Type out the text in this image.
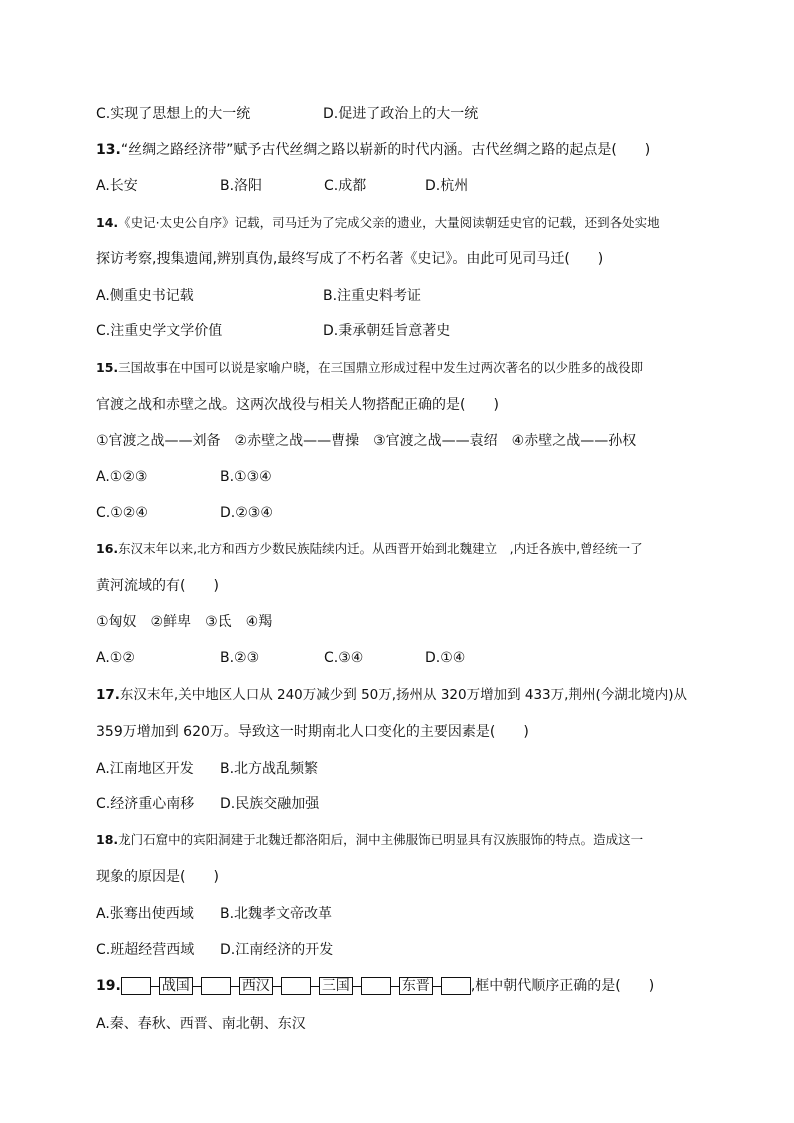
C.实现了思想上的大一统	D.促进了政治上的大一统
13.“丝绸之路经济带”赋予古代丝绸之路以崭新的时代内涵。古代丝绸之路的起点是(　　)
A.长安	B.洛阳	C.成都	D.杭州
14.《史记·太史公自序》记载，司马迁为了完成父亲的遗业，大量阅读朝廷史官的记载，还到各处实地
探访考察,搜集遗闻,辨别真伪,最终写成了不朽名著《史记》。由此可见司马迁(　　)
A.侧重史书记载	B.注重史料考证
C.注重史学文学价值	D.秉承朝廷旨意著史
15.三国故事在中国可以说是家喻户晓，在三国鼎立形成过程中发生过两次著名的以少胜多的战役即
官渡之战和赤壁之战。这两次战役与相关人物搭配正确的是(　　)
①官渡之战——刘备　②赤壁之战——曹操　③官渡之战——袁绍　④赤壁之战——孙权
A.①②③	B.①③④
C.①②④	D.②③④
16.东汉末年以来,北方和西方少数民族陆续内迁。从西晋开始到北魏建立　,内迁各族中,曾经统一了
黄河流域的有(　　)
①匈奴　②鲜卑　③氐　④羯
A.①②	B.②③	C.③④	D.①④
17.东汉末年,关中地区人口从 240万减少到 50万,扬州从 320万增加到 433万,荆州(今湖北境内)从
359万增加到 620万。导致这一时期南北人口变化的主要因素是(　　)
A.江南地区开发 B.北方战乱频繁
C.经济重心南移 D.民族交融加强
18.龙门石窟中的宾阳洞建于北魏迁都洛阳后，洞中主佛服饰已明显具有汉族服饰的特点。造成这一
现象的原因是(　　)
A.张骞出使西域 B.北魏孝文帝改革
C.班超经营西域 D.江南经济的开发
19.	战国	西汉	三国	东晋	,框中朝代顺序正确的是(　　)
A.秦、春秋、西晋、南北朝、东汉
